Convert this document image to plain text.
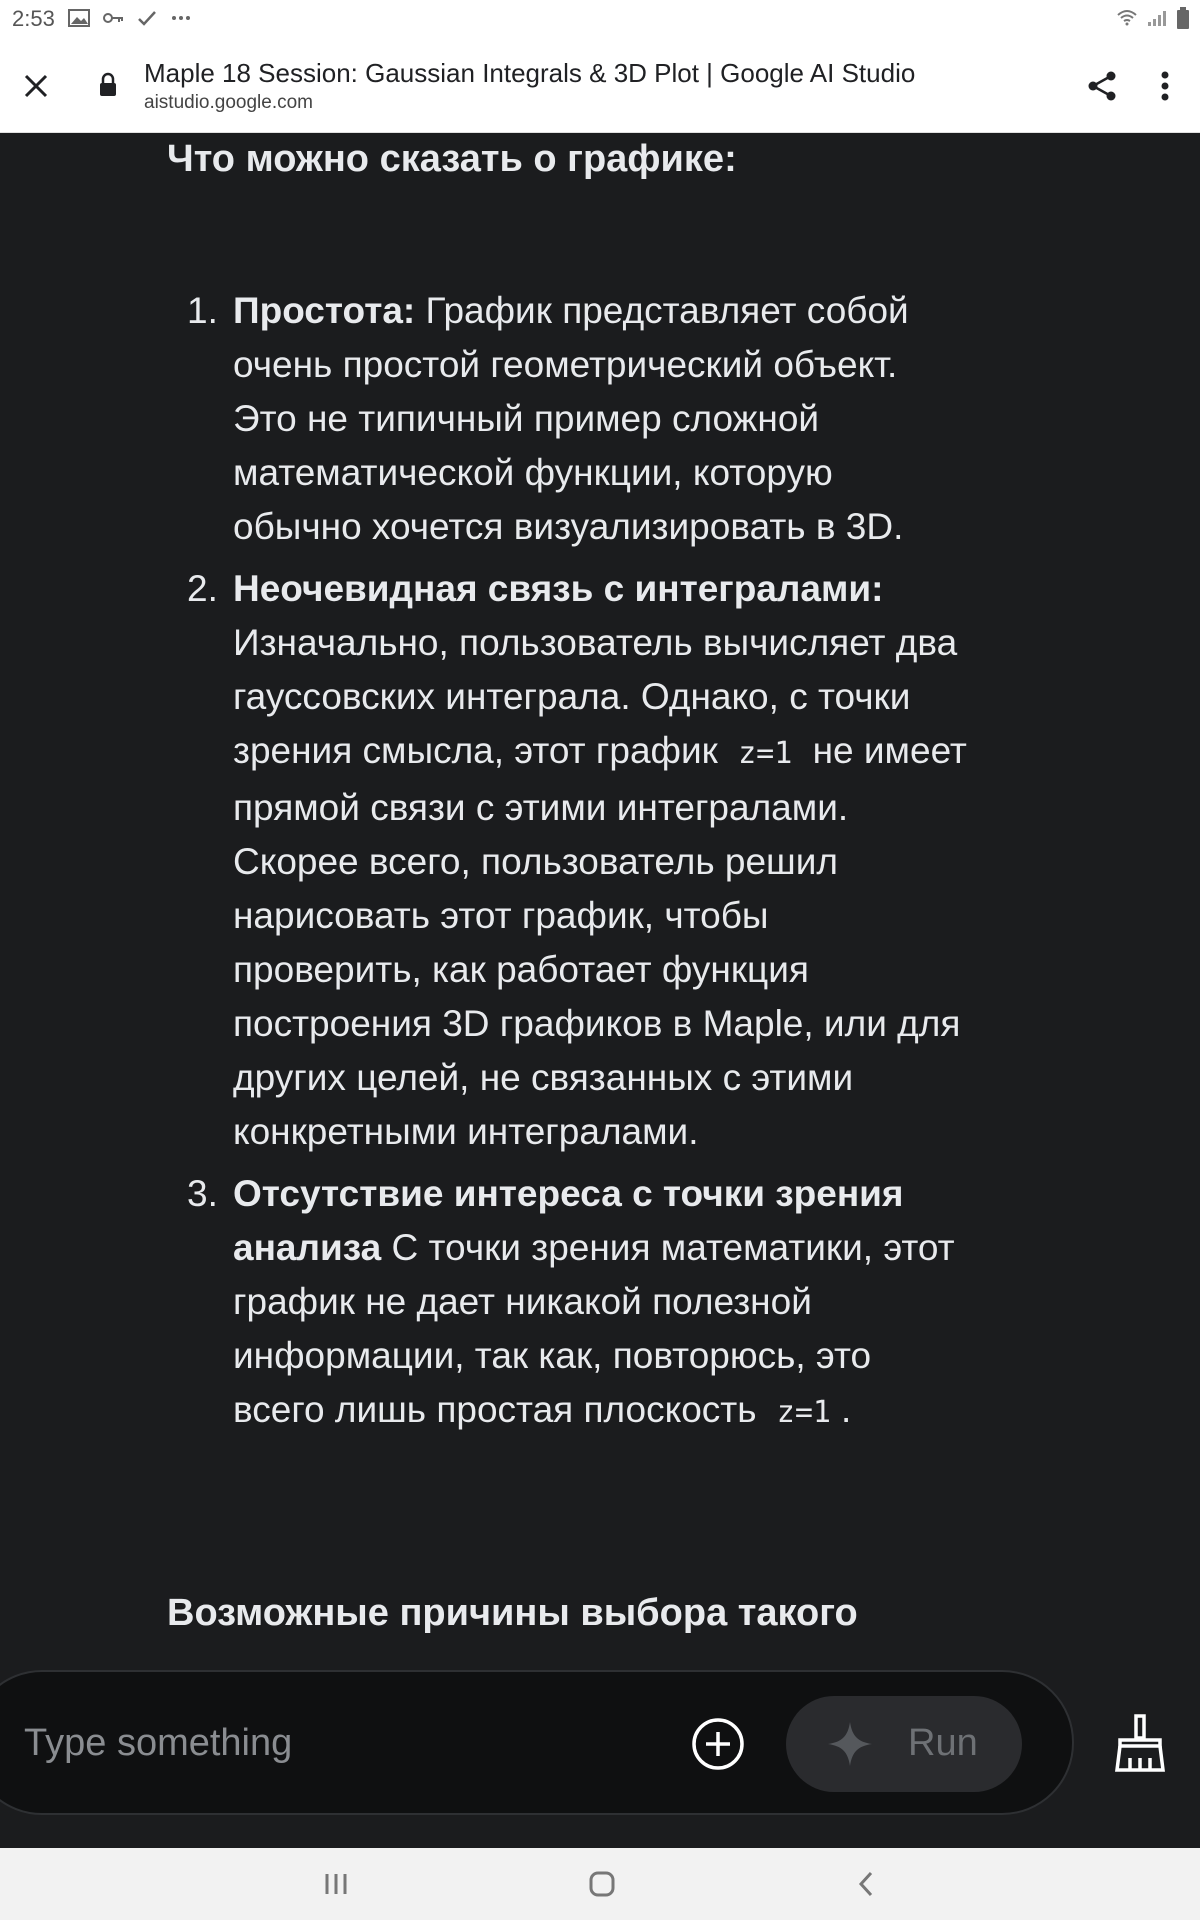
2:53
Maple 18 Session: Gaussian Integrals & 3D Plot | Google AI Studio
aistudio.google.com
Что можно сказать о графике:
1. Простота: График представляет собой очень простой геометрический объект. Это не типичный пример сложной математической функции, которую обычно хочется визуализировать в 3D.
2. Неочевидная связь с интегралами: Изначально, пользователь вычисляет два гауссовских интеграла. Однако, с точки зрения смысла, этот график z=1 не имеет прямой связи с этими интегралами. Скорее всего, пользователь решил нарисовать этот график, чтобы проверить, как работает функция построения 3D графиков в Maple, или для других целей, не связанных с этими конкретными интегралами.
3. Отсутствие интереса с точки зрения анализа С точки зрения математики, этот график не дает никакой полезной информации, так как, повторюсь, это всего лишь простая плоскость z=1 .
Возможные причины выбора такого
Type something	Run
